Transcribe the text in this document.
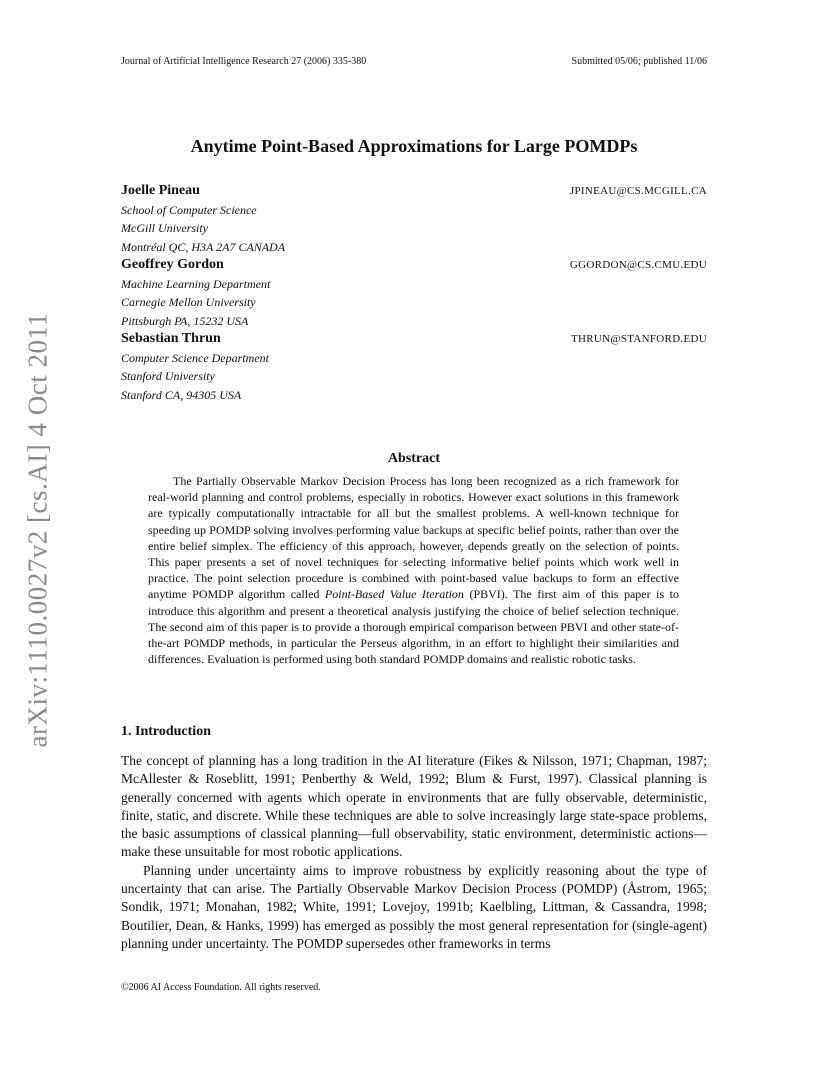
arXiv:1110.0027v2 [cs.AI] 4 Oct 2011
Journal of Artificial Intelligence Research 27 (2006) 335-380	Submitted 05/06; published 11/06
Anytime Point-Based Approximations for Large POMDPs
Joelle Pineau	JPINEAU@CS.MCGILL.CA
School of Computer Science
McGill University
Montréal QC, H3A 2A7 CANADA
Geoffrey Gordon	GGORDON@CS.CMU.EDU
Machine Learning Department
Carnegie Mellon University
Pittsburgh PA, 15232 USA
Sebastian Thrun	THRUN@STANFORD.EDU
Computer Science Department
Stanford University
Stanford CA, 94305 USA
Abstract

The Partially Observable Markov Decision Process has long been recognized as a rich framework for real-world planning and control problems, especially in robotics. However exact solutions in this framework are typically computationally intractable for all but the smallest problems. A well-known technique for speeding up POMDP solving involves performing value backups at specific belief points, rather than over the entire belief simplex. The efficiency of this approach, however, depends greatly on the selection of points. This paper presents a set of novel techniques for selecting informative belief points which work well in practice. The point selection procedure is combined with point-based value backups to form an effective anytime POMDP algorithm called Point-Based Value Iteration (PBVI). The first aim of this paper is to introduce this algorithm and present a theoretical analysis justifying the choice of belief selection technique. The second aim of this paper is to provide a thorough empirical comparison between PBVI and other state-of-the-art POMDP methods, in particular the Perseus algorithm, in an effort to highlight their similarities and differences. Evaluation is performed using both standard POMDP domains and realistic robotic tasks.

1. Introduction

The concept of planning has a long tradition in the AI literature (Fikes & Nilsson, 1971; Chapman, 1987; McAllester & Roseblitt, 1991; Penberthy & Weld, 1992; Blum & Furst, 1997). Classical planning is generally concerned with agents which operate in environments that are fully observable, deterministic, finite, static, and discrete. While these techniques are able to solve increasingly large state-space problems, the basic assumptions of classical planning—full observability, static environment, deterministic actions—make these unsuitable for most robotic applications.

Planning under uncertainty aims to improve robustness by explicitly reasoning about the type of uncertainty that can arise. The Partially Observable Markov Decision Process (POMDP) (Åstrom, 1965; Sondik, 1971; Monahan, 1982; White, 1991; Lovejoy, 1991b; Kaelbling, Littman, & Cassandra, 1998; Boutilier, Dean, & Hanks, 1999) has emerged as possibly the most general representation for (single-agent) planning under uncertainty. The POMDP supersedes other frameworks in terms

©2006 AI Access Foundation. All rights reserved.
